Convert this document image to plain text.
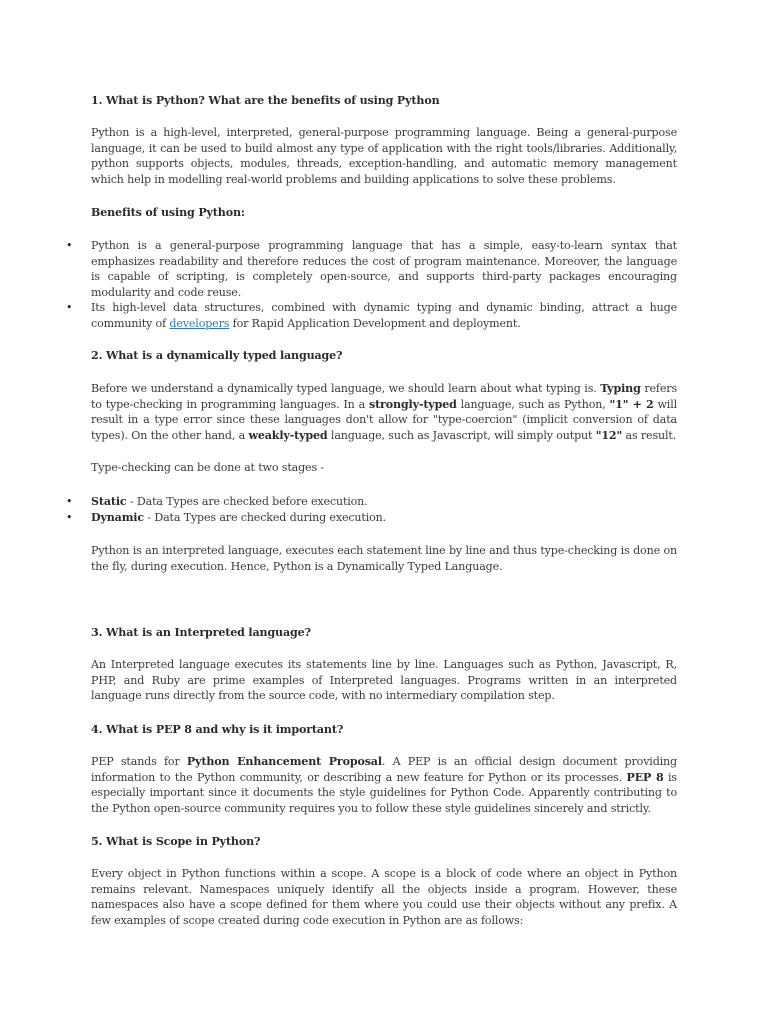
1. What is Python? What are the benefits of using Python
Python is a high-level, interpreted, general-purpose programming language. Being a general-purpose language, it can be used to build almost any type of application with the right tools/libraries. Additionally, python supports objects, modules, threads, exception-handling, and automatic memory management which help in modelling real-world problems and building applications to solve these problems.
Benefits of using Python:
• Python is a general-purpose programming language that has a simple, easy-to-learn syntax that emphasizes readability and therefore reduces the cost of program maintenance. Moreover, the language is capable of scripting, is completely open-source, and supports third-party packages encouraging modularity and code reuse.
• Its high-level data structures, combined with dynamic typing and dynamic binding, attract a huge community of developers for Rapid Application Development and deployment.
2. What is a dynamically typed language?
Before we understand a dynamically typed language, we should learn about what typing is. Typing refers to type-checking in programming languages. In a strongly-typed language, such as Python, "1" + 2 will result in a type error since these languages don't allow for "type-coercion" (implicit conversion of data types). On the other hand, a weakly-typed language, such as Javascript, will simply output "12" as result.
Type-checking can be done at two stages -
• Static - Data Types are checked before execution.
• Dynamic - Data Types are checked during execution.
Python is an interpreted language, executes each statement line by line and thus type-checking is done on the fly, during execution. Hence, Python is a Dynamically Typed Language.
3. What is an Interpreted language?
An Interpreted language executes its statements line by line. Languages such as Python, Javascript, R, PHP, and Ruby are prime examples of Interpreted languages. Programs written in an interpreted language runs directly from the source code, with no intermediary compilation step.
4. What is PEP 8 and why is it important?
PEP stands for Python Enhancement Proposal. A PEP is an official design document providing information to the Python community, or describing a new feature for Python or its processes. PEP 8 is especially important since it documents the style guidelines for Python Code. Apparently contributing to the Python open-source community requires you to follow these style guidelines sincerely and strictly.
5. What is Scope in Python?
Every object in Python functions within a scope. A scope is a block of code where an object in Python remains relevant. Namespaces uniquely identify all the objects inside a program. However, these namespaces also have a scope defined for them where you could use their objects without any prefix. A few examples of scope created during code execution in Python are as follows:
